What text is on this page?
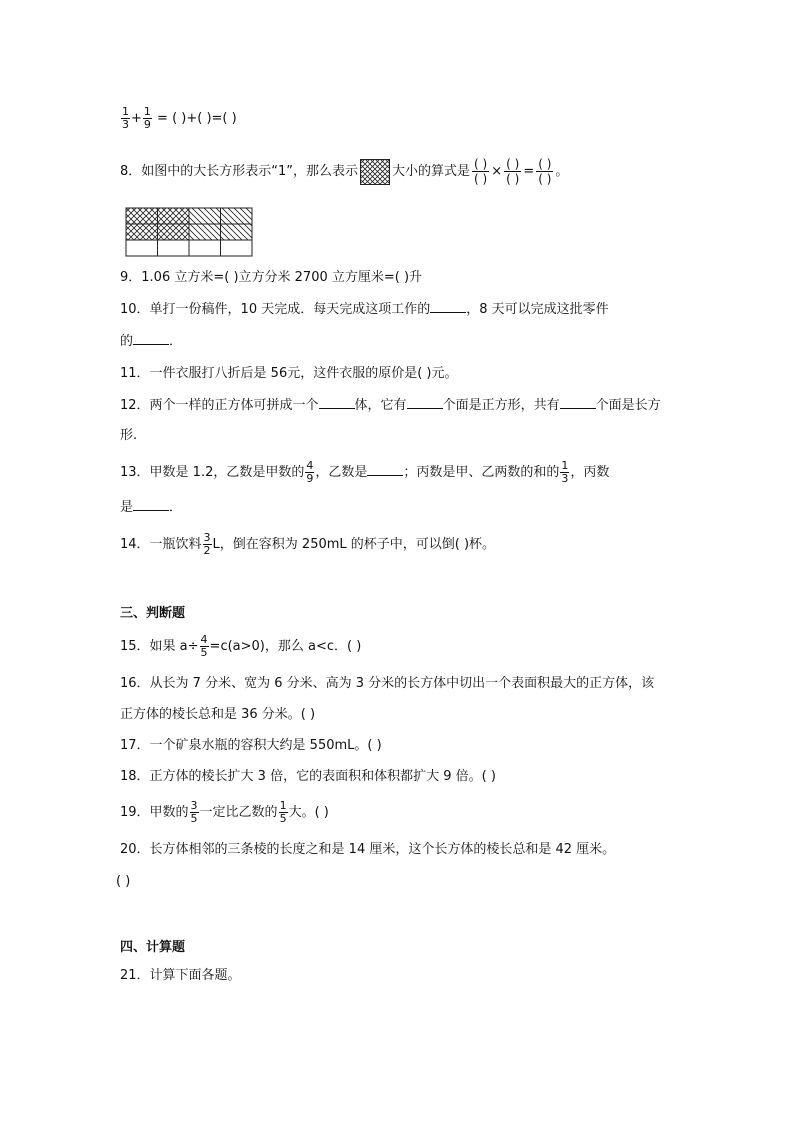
$\frac{1}{3} + \frac{1}{9}$ = ( )+( )=( )
8．如图中的大长方形表示“1”，那么表示	大小的算式是 $\frac{( )}{( )} \times \frac{( )}{( )} = \frac{( )}{( )}$ 。
9．1.06 立方米=( )立方分米 2700 立方厘米=( )升
10．单打一份稿件，10 天完成．每天完成这项工作的	，8 天可以完成这批零件
的	．
11．一件衣服打八折后是 56元，这件衣服的原价是( )元。
12．两个一样的正方体可拼成一个	体，它有	个面是正方形，共有	个面是长方
形.
13．甲数是 1.2，乙数是甲数的 $\frac{4}{9}$ ，乙数是	；丙数是甲、乙两数的和的 $\frac{1}{3}$ ，丙数
是	．
14．一瓶饮料 $\frac{3}{2}$ L，倒在容积为 250mL 的杯子中，可以倒( )杯。
三、判断题
15．如果 $a\div \frac{4}{5} =c(a>0)$，那么 a<c．( )
16．从长为 7 分米、宽为 6 分米、高为 3 分米的长方体中切出一个表面积最大的正方体，该
正方体的棱长总和是 36 分米。( )
17．一个矿泉水瓶的容积大约是 550mL。( )
18．正方体的棱长扩大 3 倍，它的表面积和体积都扩大 9 倍。( )
19．甲数的 $\frac{3}{5}$ 一定比乙数的 $\frac{1}{5}$ 大。( )
20．长方体相邻的三条棱的长度之和是 14 厘米，这个长方体的棱长总和是 42 厘米。
( )
四、计算题
21．计算下面各题。
